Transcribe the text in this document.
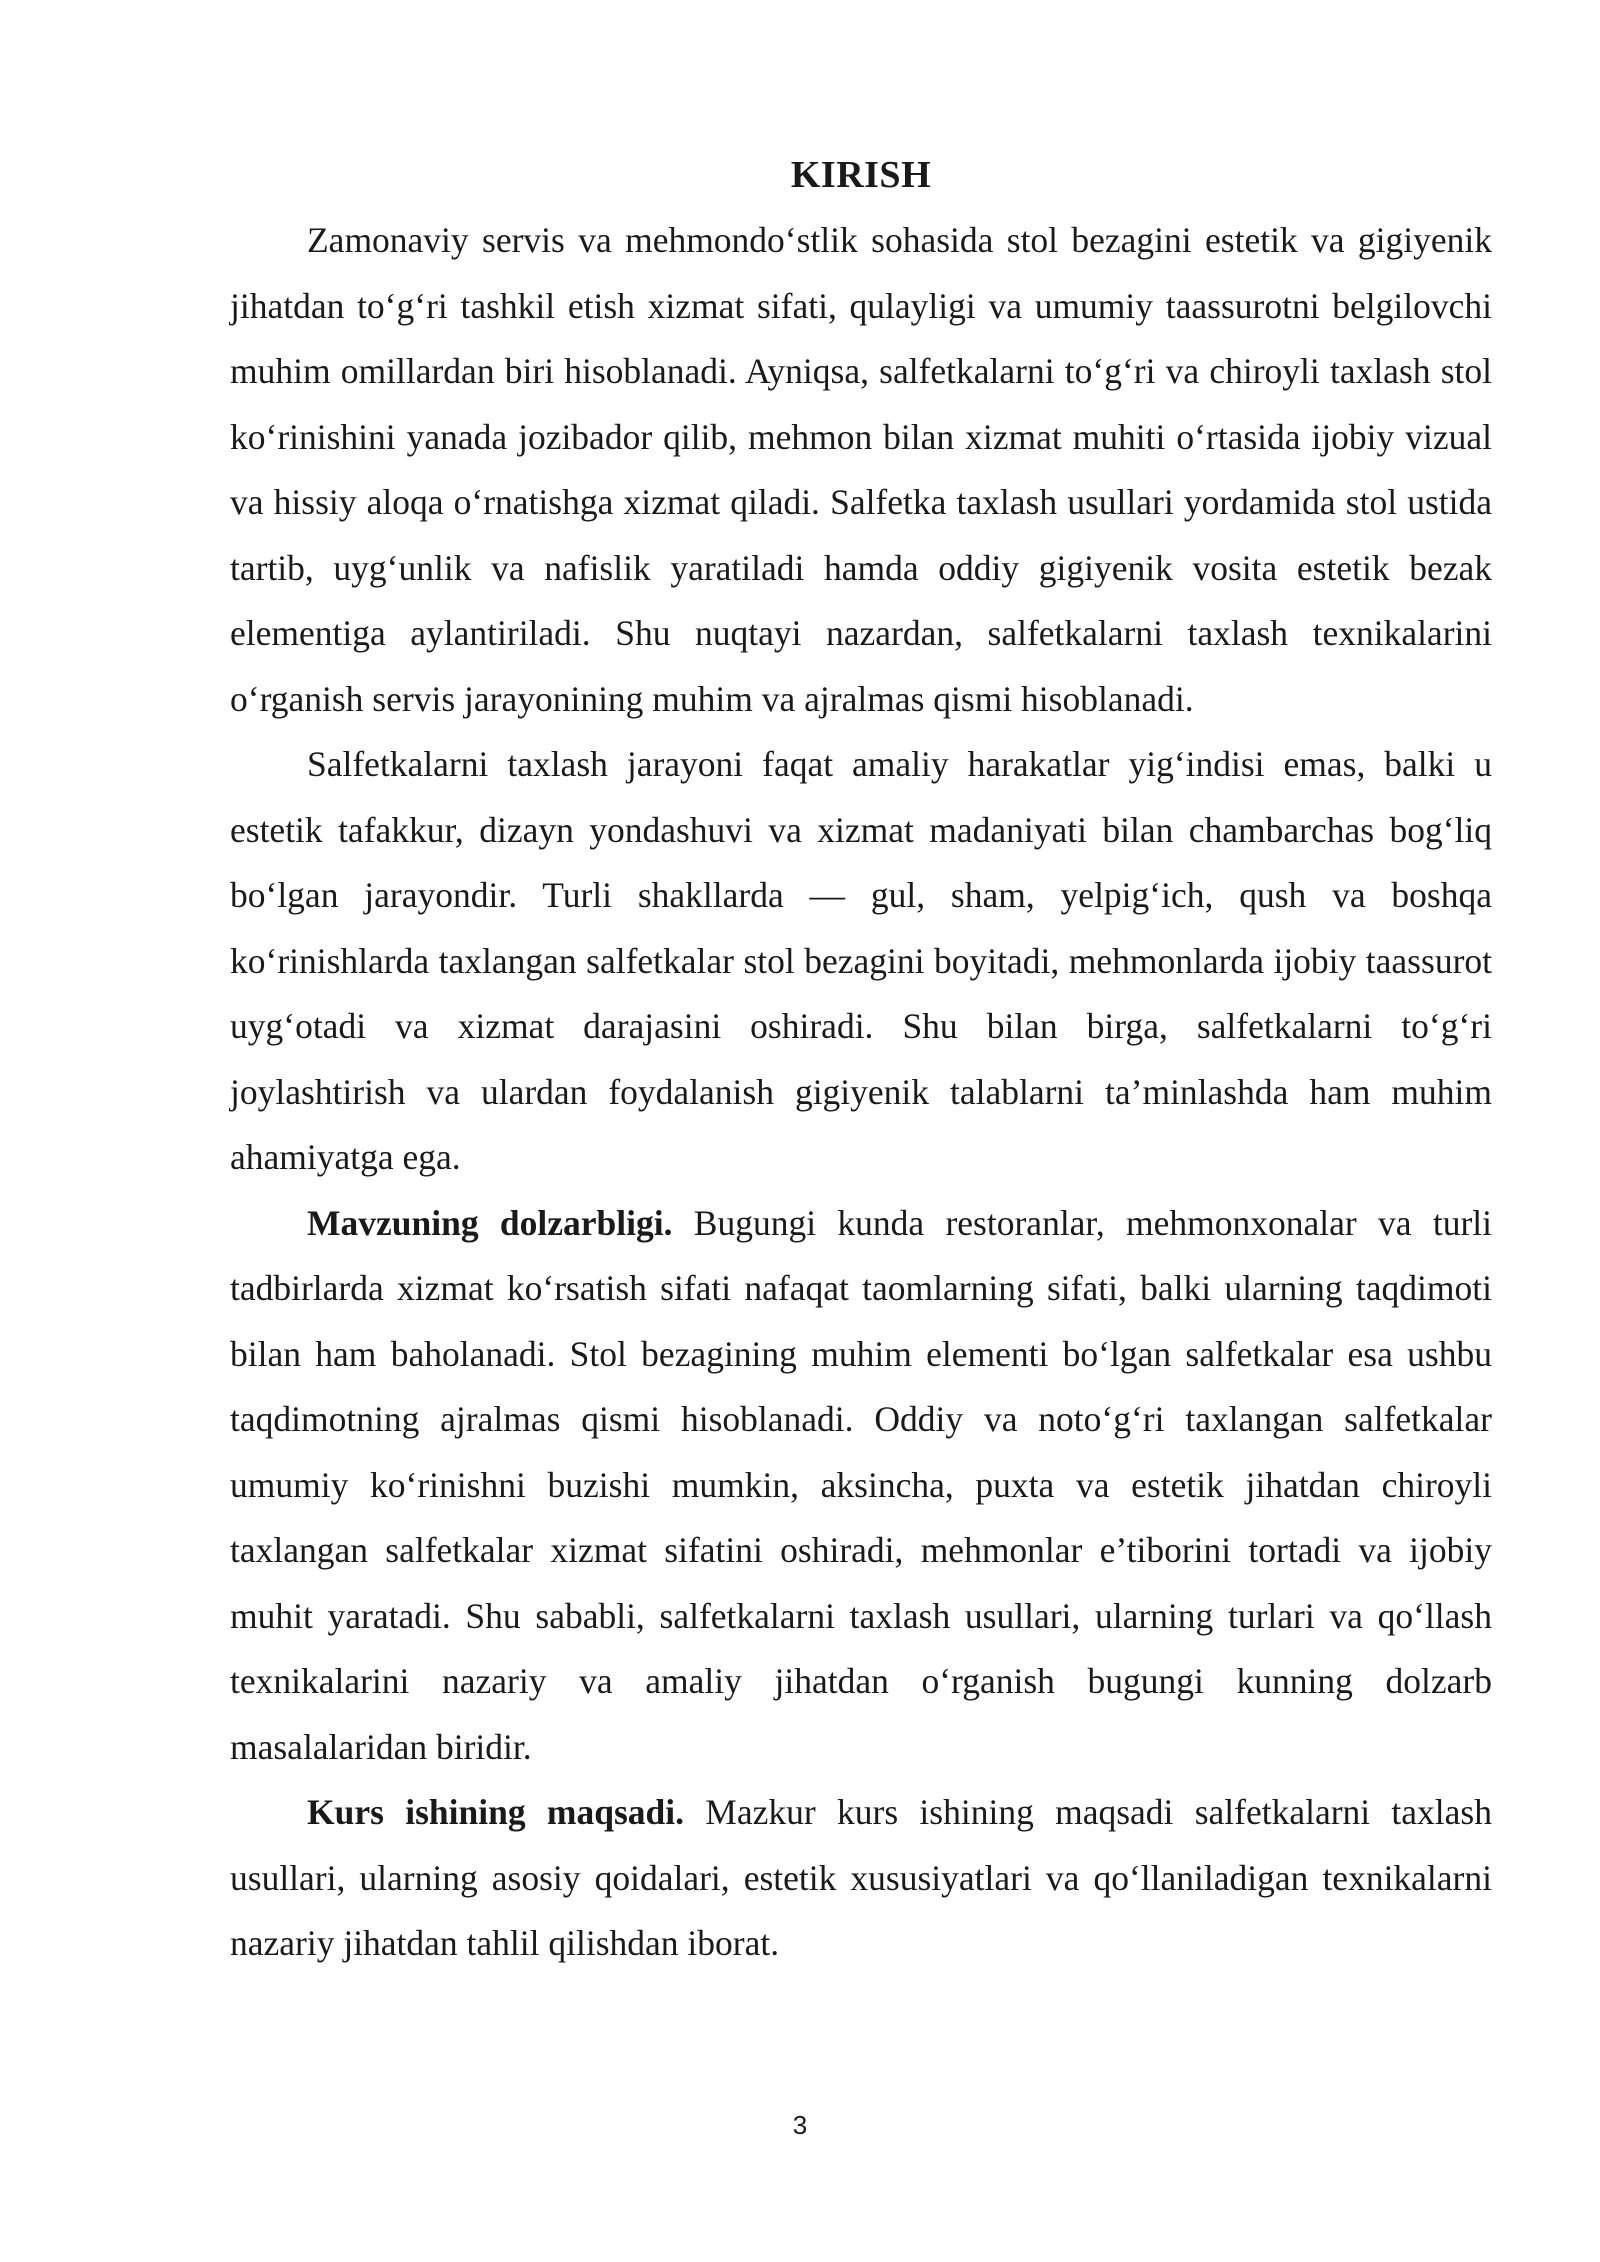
KIRISH

Zamonaviy servis va mehmondo‘stlik sohasida stol bezagini estetik va gigiyenik jihatdan to‘g‘ri tashkil etish xizmat sifati, qulayligi va umumiy taassurotni belgilovchi muhim omillardan biri hisoblanadi. Ayniqsa, salfetkalarni to‘g‘ri va chiroyli taxlash stol ko‘rinishini yanada jozibador qilib, mehmon bilan xizmat muhiti o‘rtasida ijobiy vizual va hissiy aloqa o‘rnatishga xizmat qiladi. Salfetka taxlash usullari yordamida stol ustida tartib, uyg‘unlik va nafislik yaratiladi hamda oddiy gigiyenik vosita estetik bezak elementiga aylantiriladi. Shu nuqtayi nazardan, salfetkalarni taxlash texnikalarini o‘rganish servis jarayonining muhim va ajralmas qismi hisoblanadi.

Salfetkalarni taxlash jarayoni faqat amaliy harakatlar yig‘indisi emas, balki u estetik tafakkur, dizayn yondashuvi va xizmat madaniyati bilan chambarchas bog‘liq bo‘lgan jarayondir. Turli shakllarda — gul, sham, yelpig‘ich, qush va boshqa ko‘rinishlarda taxlangan salfetkalar stol bezagini boyitadi, mehmonlarda ijobiy taassurot uyg‘otadi va xizmat darajasini oshiradi. Shu bilan birga, salfetkalarni to‘g‘ri joylashtirish va ulardan foydalanish gigiyenik talablarni ta’minlashda ham muhim ahamiyatga ega.

Mavzuning dolzarbligi. Bugungi kunda restoranlar, mehmonxonalar va turli tadbirlarda xizmat ko‘rsatish sifati nafaqat taomlarning sifati, balki ularning taqdimoti bilan ham baholanadi. Stol bezagining muhim elementi bo‘lgan salfetkalar esa ushbu taqdimotning ajralmas qismi hisoblanadi. Oddiy va noto‘g‘ri taxlangan salfetkalar umumiy ko‘rinishni buzishi mumkin, aksincha, puxta va estetik jihatdan chiroyli taxlangan salfetkalar xizmat sifatini oshiradi, mehmonlar e’tiborini tortadi va ijobiy muhit yaratadi. Shu sababli, salfetkalarni taxlash usullari, ularning turlari va qo‘llash texnikalarini nazariy va amaliy jihatdan o‘rganish bugungi kunning dolzarb masalalaridan biridir.

Kurs ishining maqsadi. Mazkur kurs ishining maqsadi salfetkalarni taxlash usullari, ularning asosiy qoidalari, estetik xususiyatlari va qo‘llaniladigan texnikalarni nazariy jihatdan tahlil qilishdan iborat.

3
